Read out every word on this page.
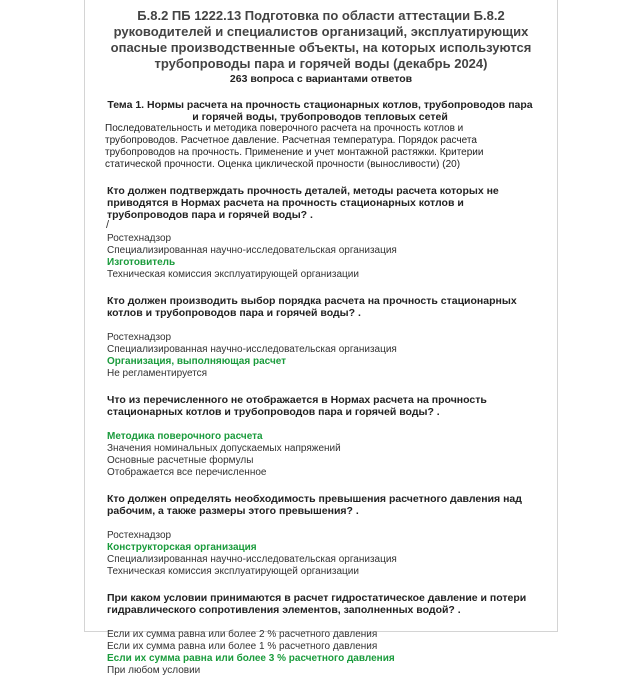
Б.8.2 ПБ 1222.13 Подготовка по области аттестации Б.8.2 руководителей и специалистов организаций, эксплуатирующих опасные производственные объекты, на которых используются трубопроводы пара и горячей воды (декабрь 2024)
263 вопроса с вариантами ответов
Тема 1. Нормы расчета на прочность стационарных котлов, трубопроводов пара и горячей воды, трубопроводов тепловых сетей
Последовательность и методика поверочного расчета на прочность котлов и трубопроводов. Расчетное давление. Расчетная температура. Порядок расчета трубопроводов на прочность. Применение и учет монтажной растяжки. Критерии статической прочности. Оценка циклической прочности (выносливости) (20)
Кто должен подтверждать прочность деталей, методы расчета которых не приводятся в Нормах расчета на прочность стационарных котлов и трубопроводов пара и горячей воды? .
/
Ростехнадзор
Специализированная научно-исследовательская организация
Изготовитель
Техническая комиссия эксплуатирующей организации
Кто должен производить выбор порядка расчета на прочность стационарных котлов и трубопроводов пара и горячей воды? .
Ростехнадзор
Специализированная научно-исследовательская организация
Организация, выполняющая расчет
Не регламентируется
Что из перечисленного не отображается в Нормах расчета на прочность стационарных котлов и трубопроводов пара и горячей воды? .
Методика поверочного расчета
Значения номинальных допускаемых напряжений
Основные расчетные формулы
Отображается все перечисленное
Кто должен определять необходимость превышения расчетного давления над рабочим, а также размеры этого превышения? .
Ростехнадзор
Конструкторская организация
Специализированная научно-исследовательская организация
Техническая комиссия эксплуатирующей организации
При каком условии принимаются в расчет гидростатическое давление и потери гидравлического сопротивления элементов, заполненных водой? .
Если их сумма равна или более 2 % расчетного давления
Если их сумма равна или более 1 % расчетного давления
Если их сумма равна или более 3 % расчетного давления
При любом условии
